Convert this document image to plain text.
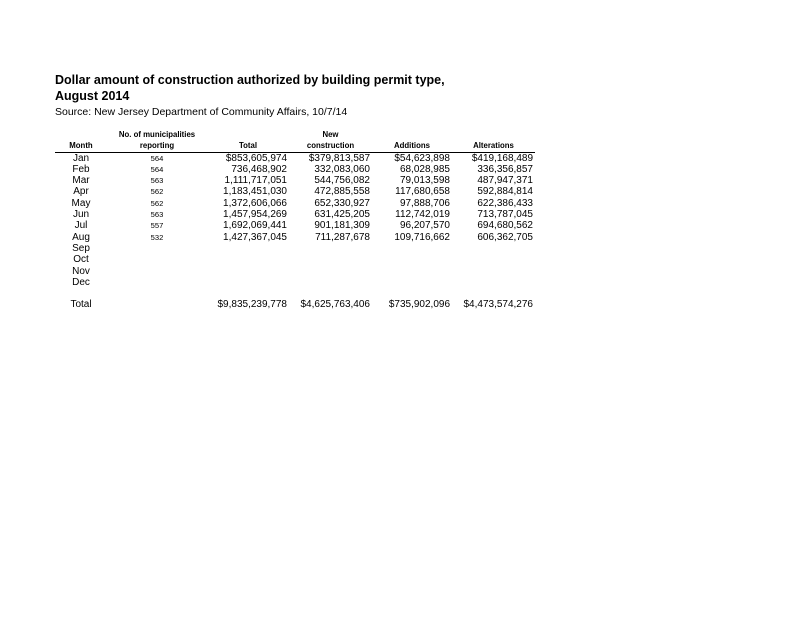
Dollar amount of construction authorized by building permit type,
August 2014
Source: New Jersey Department of Community Affairs, 10/7/14
	No. of municipalities		New		
Month	reporting	Total	construction	Additions	Alterations
Jan	564	$853,605,974	$379,813,587	$54,623,898	$419,168,489
Feb	564	736,468,902	332,083,060	68,028,985	336,356,857
Mar	563	1,111,717,051	544,756,082	79,013,598	487,947,371
Apr	562	1,183,451,030	472,885,558	117,680,658	592,884,814
May	562	1,372,606,066	652,330,927	97,888,706	622,386,433
Jun	563	1,457,954,269	631,425,205	112,742,019	713,787,045
Jul	557	1,692,069,441	901,181,309	96,207,570	694,680,562
Aug	532	1,427,367,045	711,287,678	109,716,662	606,362,705
Sep					
Oct					
Nov					
Dec					

Total		$9,835,239,778	$4,625,763,406	$735,902,096	$4,473,574,276
